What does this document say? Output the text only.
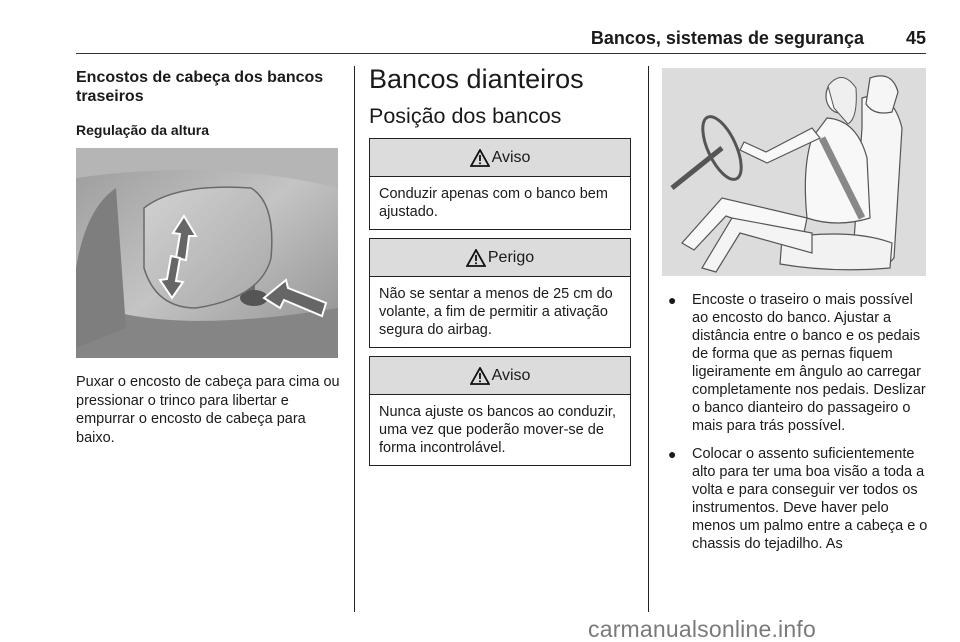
Bancos, sistemas de segurança 45
Encostos de cabeça dos bancos traseiros
Regulação da altura
Puxar o encosto de cabeça para cima ou pressionar o trinco para libertar e empurrar o encosto de cabeça para baixo.
Bancos dianteiros
Posição dos bancos
Aviso
Conduzir apenas com o banco bem ajustado.
Perigo
Não se sentar a menos de 25 cm do volante, a fim de permitir a ativação segura do airbag.
Aviso
Nunca ajuste os bancos ao conduzir, uma vez que poderão mover-se de forma incontrolável.
● Encoste o traseiro o mais possível ao encosto do banco. Ajustar a distância entre o banco e os pedais de forma que as pernas fiquem ligeiramente em ângulo ao carregar completamente nos pedais. Deslizar o banco dianteiro do passageiro o mais para trás possível.
● Colocar o assento suficientemente alto para ter uma boa visão a toda a volta e para conseguir ver todos os instrumentos. Deve haver pelo menos um palmo entre a cabeça e o chassis do tejadilho. As
carmanualsonline.info
